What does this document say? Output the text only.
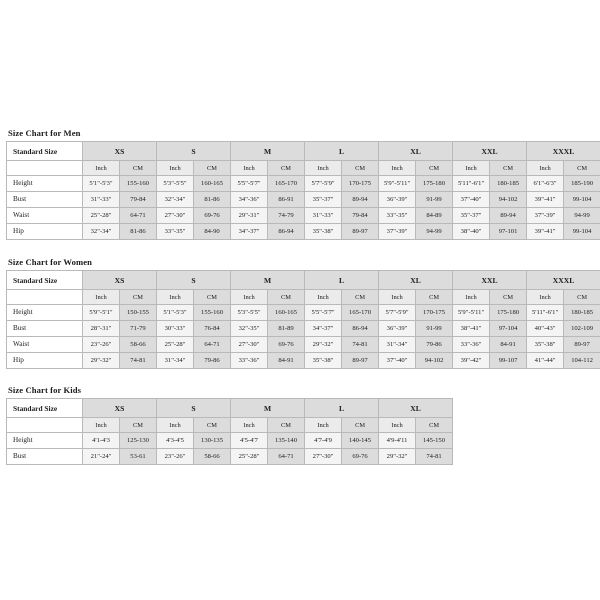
Size Chart for Men
Standard Size	XS		S		M		L		XL		XXL		XXXL	
	Inch	CM	Inch	CM	Inch	CM	Inch	CM	Inch	CM	Inch	CM	Inch	CM
Height	5'1"-5'3"	155-160	5'3"-5'5"	160-165	5'5"-5'7"	165-170	5'7"-5'9"	170-175	5'9"-5'11"	175-180	5'11"-6'1"	180-185	6'1"-6'3"	185-190
Bust	31"-33"	79-84	32"-34"	81-86	34"-36"	86-91	35"-37"	89-94	36"-39"	91-99	37"-40"	94-102	39"-41"	99-104
Waist	25"-28"	64-71	27"-30"	69-76	29"-31"	74-79	31"-33"	79-84	33"-35"	84-89	35"-37"	89-94	37"-39"	94-99
Hip	32"-34"	81-86	33"-35"	84-90	34"-37"	86-94	35"-38"	89-97	37"-39"	94-99	38"-40"	97-101	39"-41"	99-104
Size Chart for Women
Standard Size	XS		S		M		L		XL		XXL		XXXL	
	Inch	CM	Inch	CM	Inch	CM	Inch	CM	Inch	CM	Inch	CM	Inch	CM
Height	5'9"-5'1"	150-155	5'1"-5'3"	155-160	5'3"-5'5"	160-165	5'5"-5'7"	165-170	5'7"-5'9"	170-175	5'9"-5'11"	175-180	5'11"-6'1"	180-185
Bust	28"-31"	71-79	30"-33"	76-84	32"-35"	81-89	34"-37"	86-94	36"-39"	91-99	38"-41"	97-104	40"-43"	102-109
Waist	23"-26"	58-66	25"-28"	64-71	27"-30"	69-76	29"-32"	74-81	31"-34"	79-86	33"-36"	84-91	35"-38"	89-97
Hip	29"-32"	74-81	31"-34"	79-86	33"-36"	84-91	35"-38"	89-97	37"-40"	94-102	39"-42"	99-107	41"-44"	104-112
Size Chart for Kids
Standard Size	XS		S		M		L		XL	
	Inch	CM	Inch	CM	Inch	CM	Inch	CM	Inch	CM
Height	4'1-4'3	125-130	4'3-4'5	130-135	4'5-4'7	135-140	4'7-4'9	140-145	4'9-4'11	145-150
Bust	21"-24"	53-61	23"-26"	58-66	25"-28"	64-71	27"-30"	69-76	29"-32"	74-81
